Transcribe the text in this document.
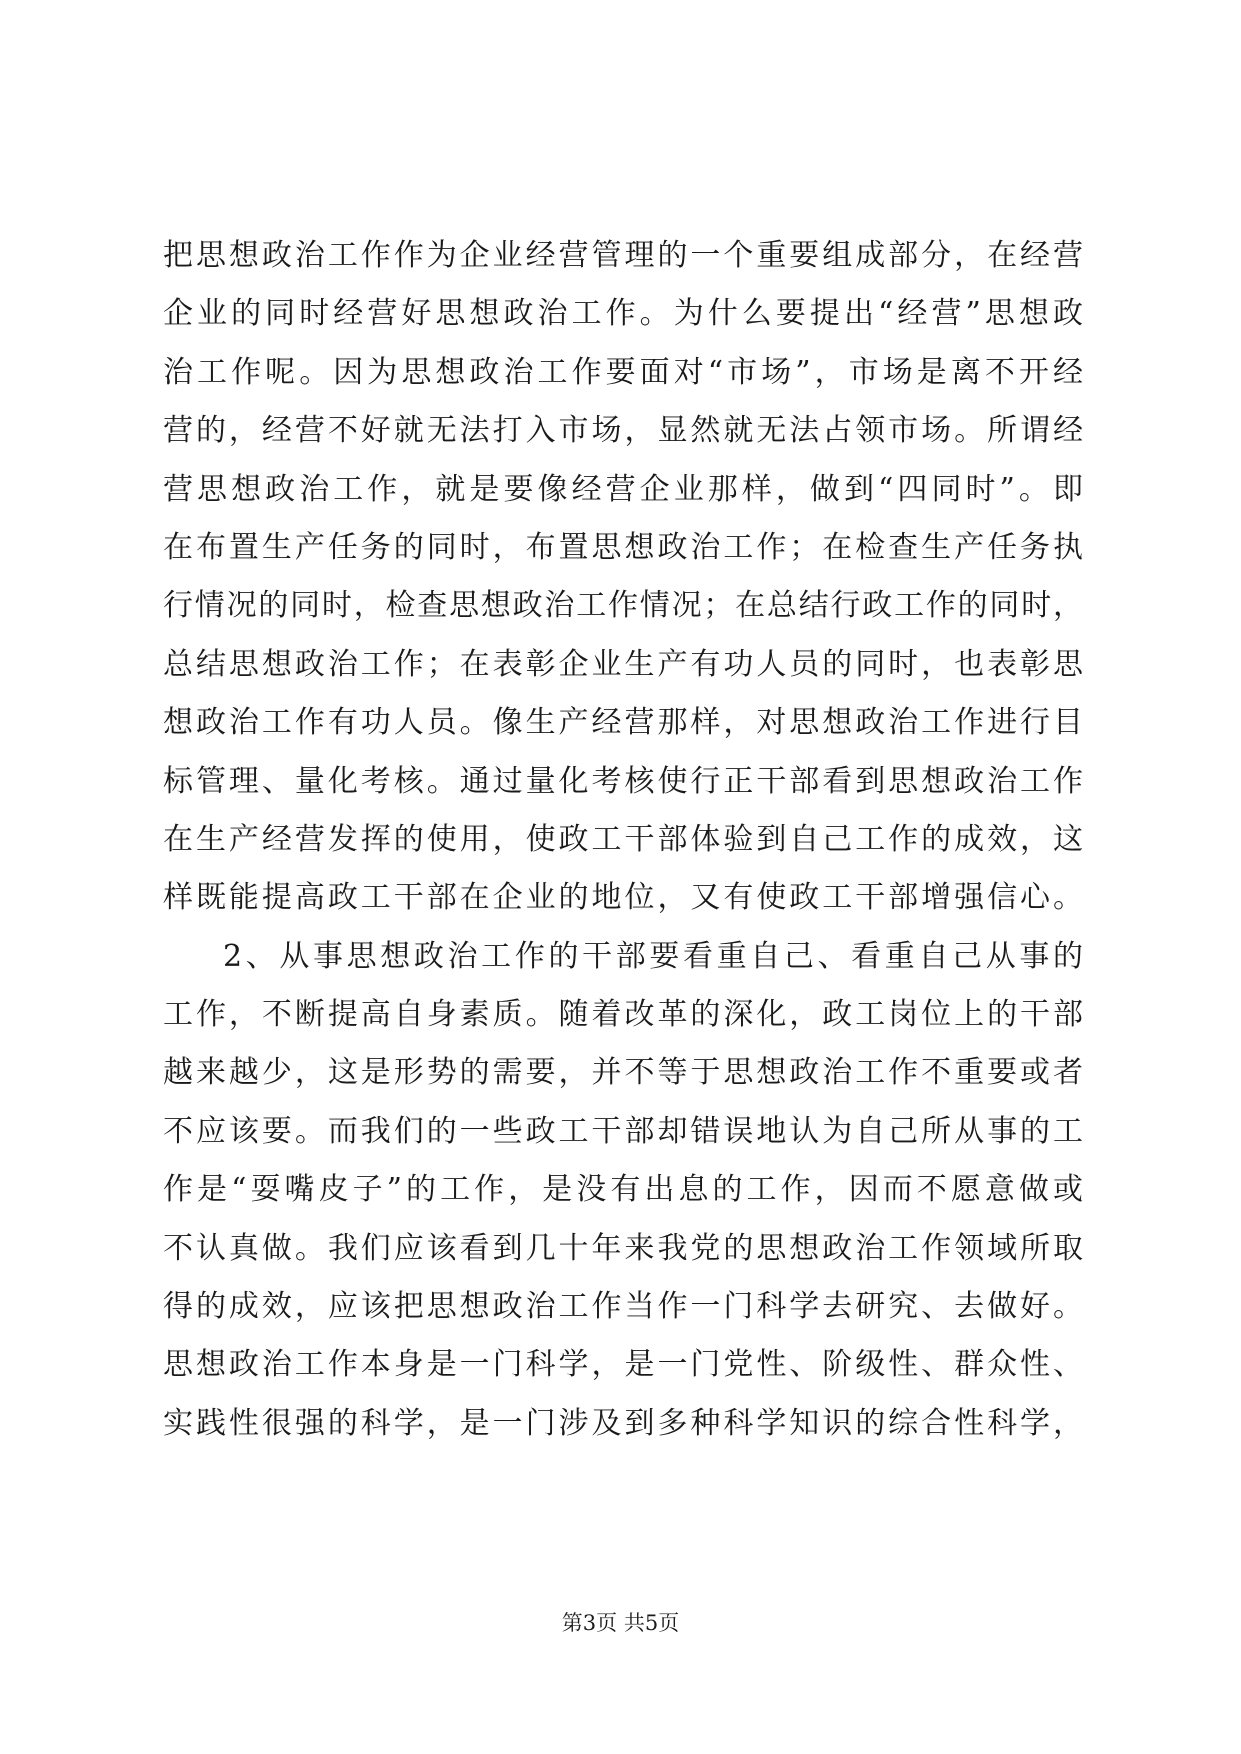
把思想政治工作作为企业经营管理的一个重要组成部分，在经营
企业的同时经营好思想政治工作。为什么要提出“经营”思想政
治工作呢。因为思想政治工作要面对“市场”，市场是离不开经
营的，经营不好就无法打入市场，显然就无法占领市场。所谓经
营思想政治工作，就是要像经营企业那样，做到“四同时”。即
在布置生产任务的同时，布置思想政治工作；在检查生产任务执
行情况的同时，检查思想政治工作情况；在总结行政工作的同时，
总结思想政治工作；在表彰企业生产有功人员的同时，也表彰思
想政治工作有功人员。像生产经营那样，对思想政治工作进行目
标管理、量化考核。通过量化考核使行正干部看到思想政治工作
在生产经营发挥的使用，使政工干部体验到自己工作的成效，这
样既能提高政工干部在企业的地位，又有使政工干部增强信心。
2、从事思想政治工作的干部要看重自己、看重自己从事的
工作，不断提高自身素质。随着改革的深化，政工岗位上的干部
越来越少，这是形势的需要，并不等于思想政治工作不重要或者
不应该要。而我们的一些政工干部却错误地认为自己所从事的工
作是“耍嘴皮子”的工作，是没有出息的工作，因而不愿意做或
不认真做。我们应该看到几十年来我党的思想政治工作领域所取
得的成效，应该把思想政治工作当作一门科学去研究、去做好。
思想政治工作本身是一门科学，是一门党性、阶级性、群众性、
实践性很强的科学，是一门涉及到多种科学知识的综合性科学，
第3页 共5页
